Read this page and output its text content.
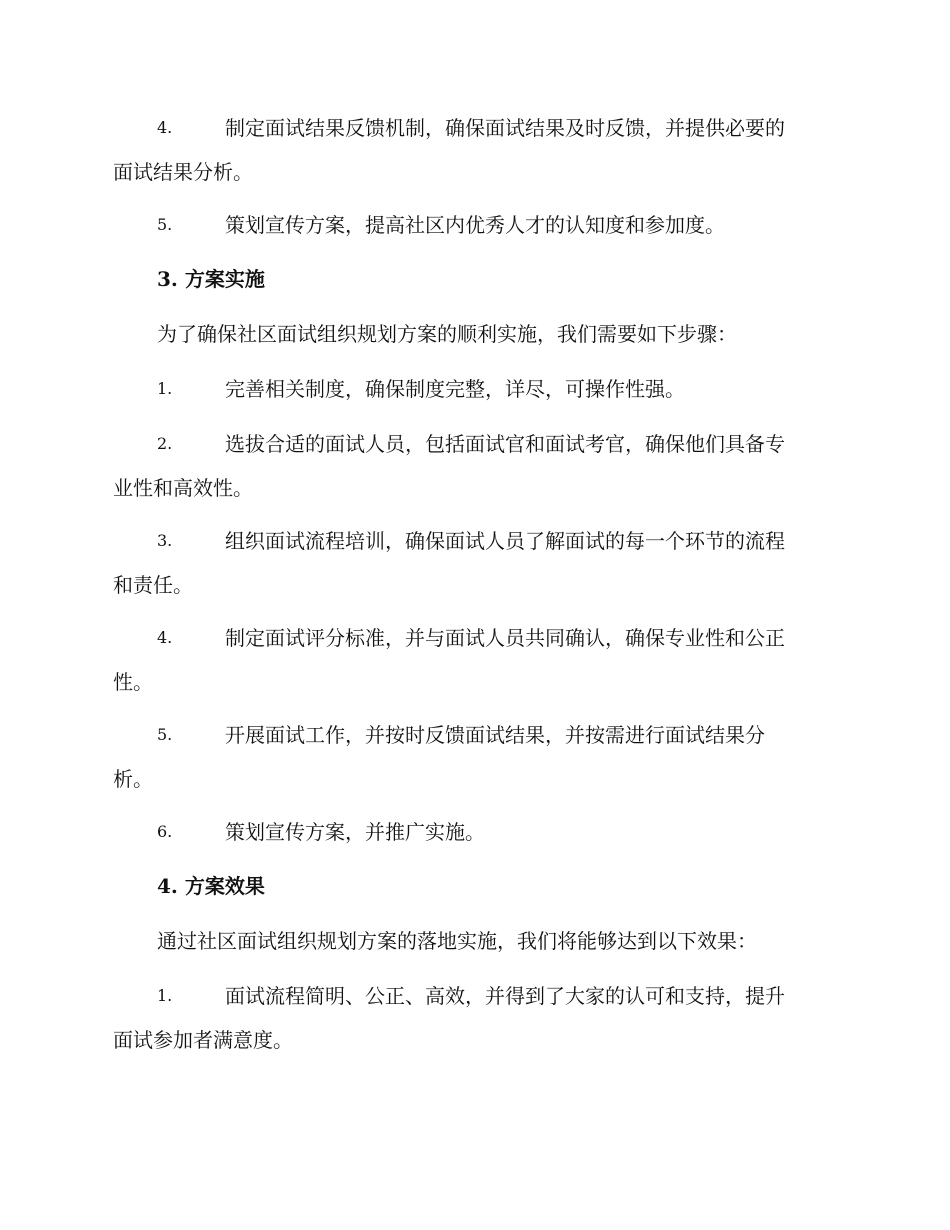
4.	制定面试结果反馈机制，确保面试结果及时反馈，并提供必要的
面试结果分析。
5.	策划宣传方案，提高社区内优秀人才的认知度和参加度。
3. 方案实施
为了确保社区面试组织规划方案的顺利实施，我们需要如下步骤：
1.	完善相关制度，确保制度完整，详尽，可操作性强。
2.	选拔合适的面试人员，包括面试官和面试考官，确保他们具备专
业性和高效性。
3.	组织面试流程培训，确保面试人员了解面试的每一个环节的流程
和责任。
4.	制定面试评分标准，并与面试人员共同确认，确保专业性和公正
性。
5.	开展面试工作，并按时反馈面试结果，并按需进行面试结果分
析。
6.	策划宣传方案，并推广实施。
4. 方案效果
通过社区面试组织规划方案的落地实施，我们将能够达到以下效果：
1.	面试流程简明、公正、高效，并得到了大家的认可和支持，提升
面试参加者满意度。
